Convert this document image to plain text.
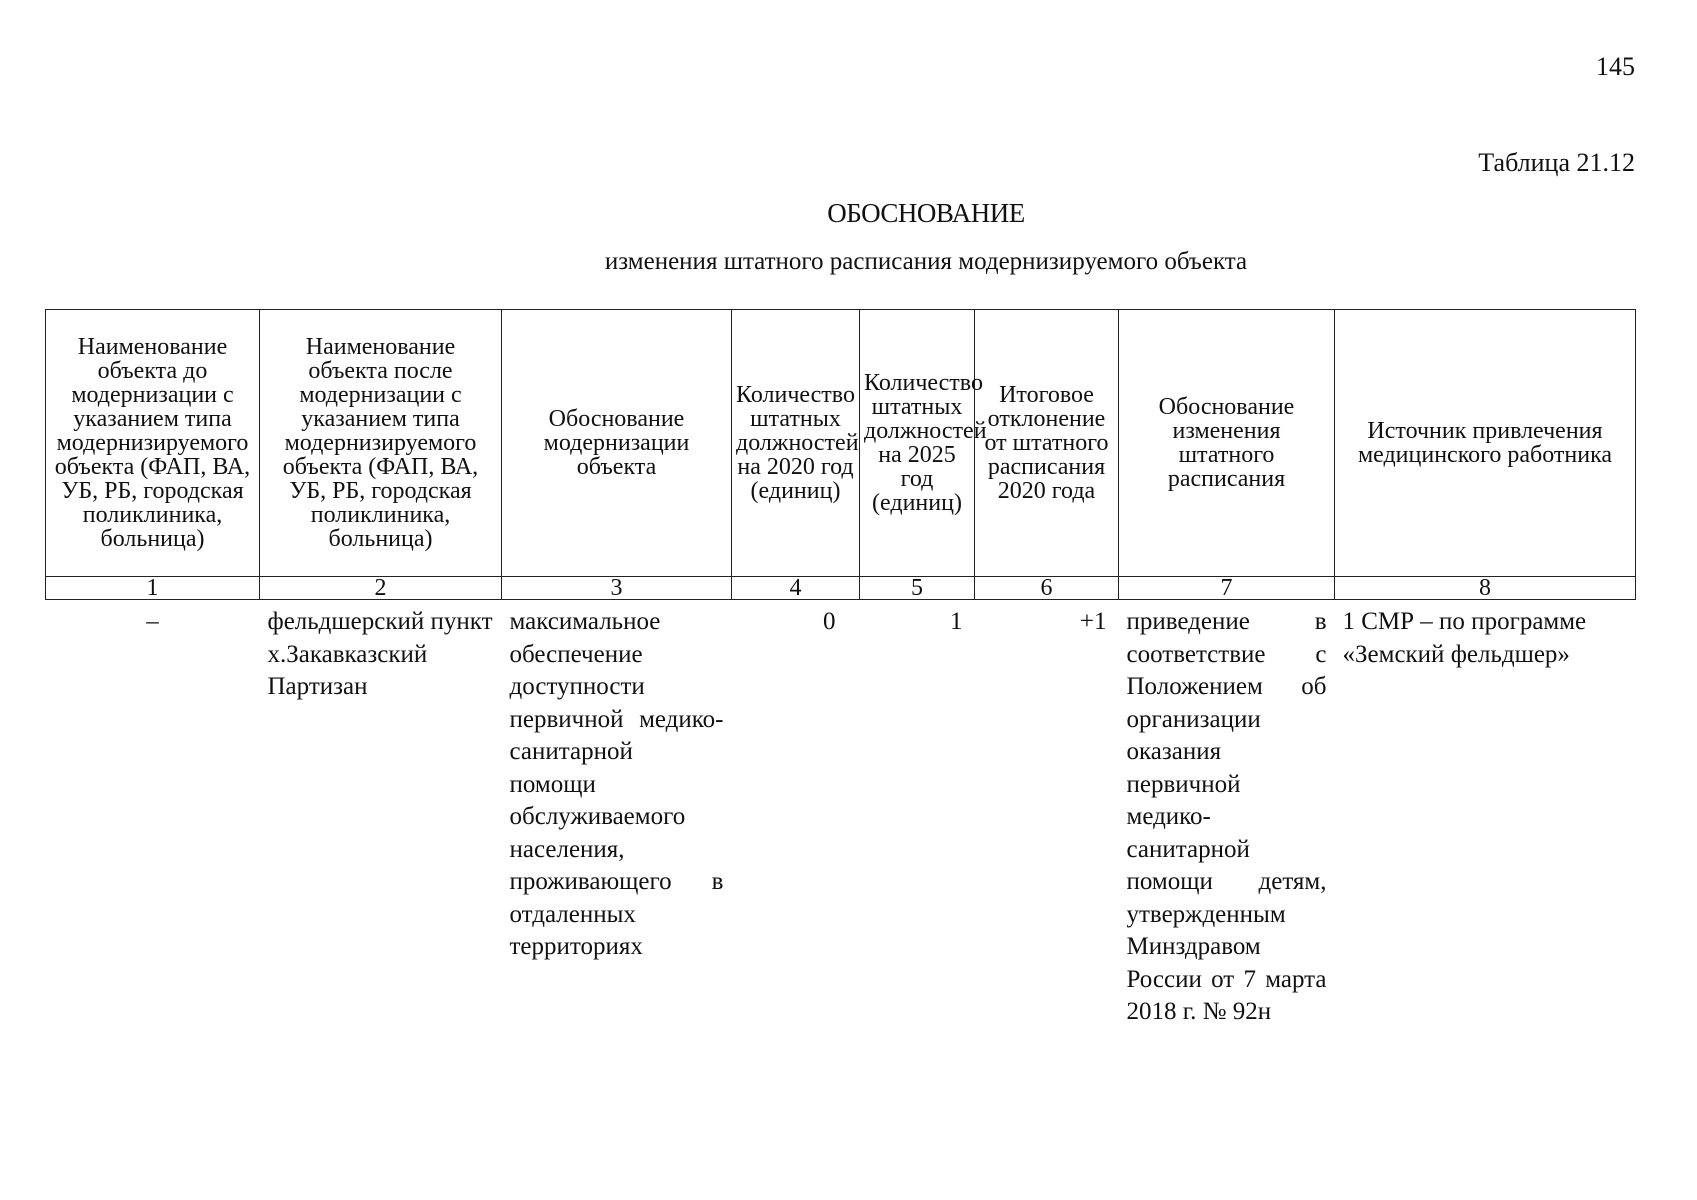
145
Таблица 21.12
ОБОСНОВАНИЕ
изменения штатного расписания модернизируемого объекта
Наименование объекта до модернизации с указанием типа модернизируемого объекта (ФАП, ВА, УБ, РБ, городская поликлиника, больница)	Наименование объекта после модернизации с указанием типа модернизируемого объекта (ФАП, ВА, УБ, РБ, городская поликлиника, больница)	Обоснование модернизации объекта	Количество штатных должностей на 2020 год (единиц)	Количество штатных должностей на 2025 год (единиц)	Итоговое отклонение от штатного расписания 2020 года	Обоснование изменения штатного расписания	Источник привлечения медицинского работника
1	2	3	4	5	6	7	8
–	фельдшерский пункт х.Закавказский Партизан	максимальное обеспечение доступности первичной медико-санитарной помощи обслуживаемого населения, проживающего в отдаленных территориях	0	1	+1	приведение в соответствие с Положением об организации оказания первичной медико-санитарной помощи детям, утвержденным Минздравом России от 7 марта 2018 г. № 92н	1 СМР – по программе «Земский фельдшер»
